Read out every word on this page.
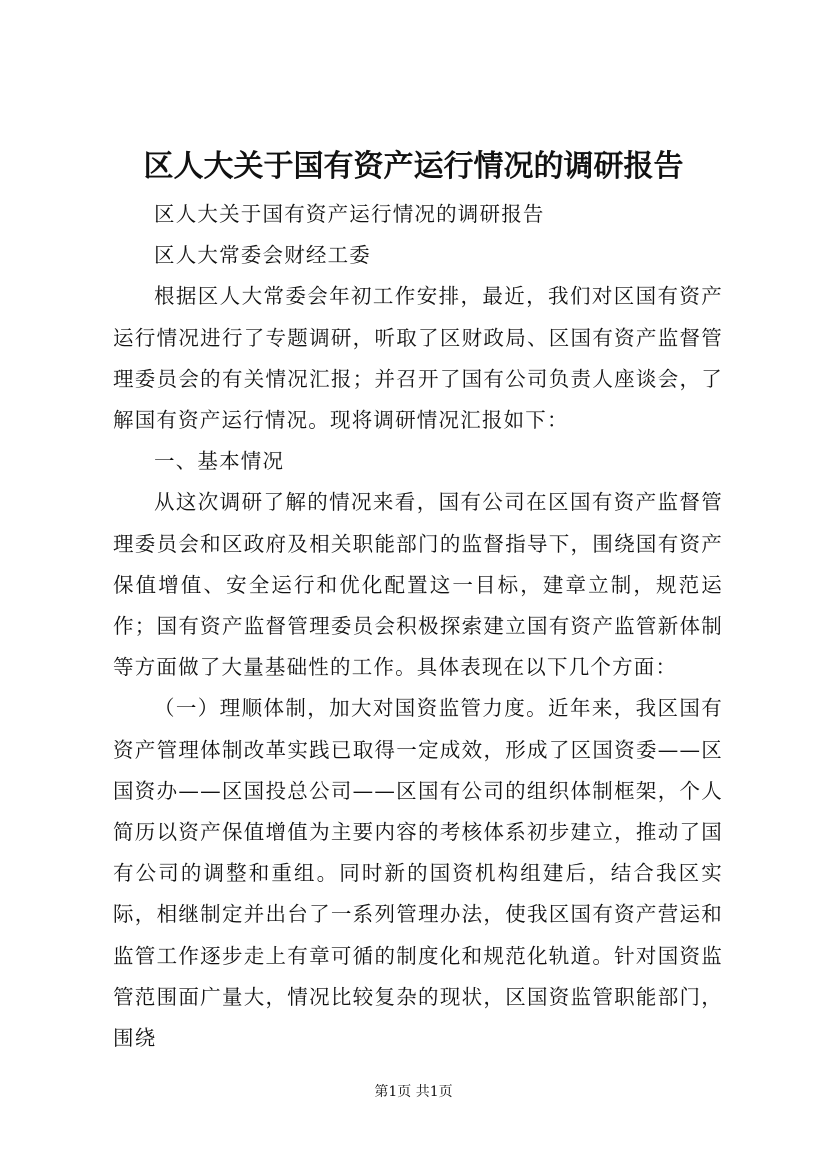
区人大关于国有资产运行情况的调研报告

区人大关于国有资产运行情况的调研报告

区人大常委会财经工委

根据区人大常委会年初工作安排，最近，我们对区国有资产运行情况进行了专题调研，听取了区财政局、区国有资产监督管理委员会的有关情况汇报；并召开了国有公司负责人座谈会，了解国有资产运行情况。现将调研情况汇报如下：

一、基本情况

从这次调研了解的情况来看，国有公司在区国有资产监督管理委员会和区政府及相关职能部门的监督指导下，围绕国有资产保值增值、安全运行和优化配置这一目标，建章立制，规范运作；国有资产监督管理委员会积极探索建立国有资产监管新体制等方面做了大量基础性的工作。具体表现在以下几个方面：

（一）理顺体制，加大对国资监管力度。近年来，我区国有资产管理体制改革实践已取得一定成效，形成了区国资委——区国资办——区国投总公司——区国有公司的组织体制框架，个人简历以资产保值增值为主要内容的考核体系初步建立，推动了国有公司的调整和重组。同时新的国资机构组建后，结合我区实际，相继制定并出台了一系列管理办法，使我区国有资产营运和监管工作逐步走上有章可循的制度化和规范化轨道。针对国资监管范围面广量大，情况比较复杂的现状，区国资监管职能部门，围绕

第1页 共1页
